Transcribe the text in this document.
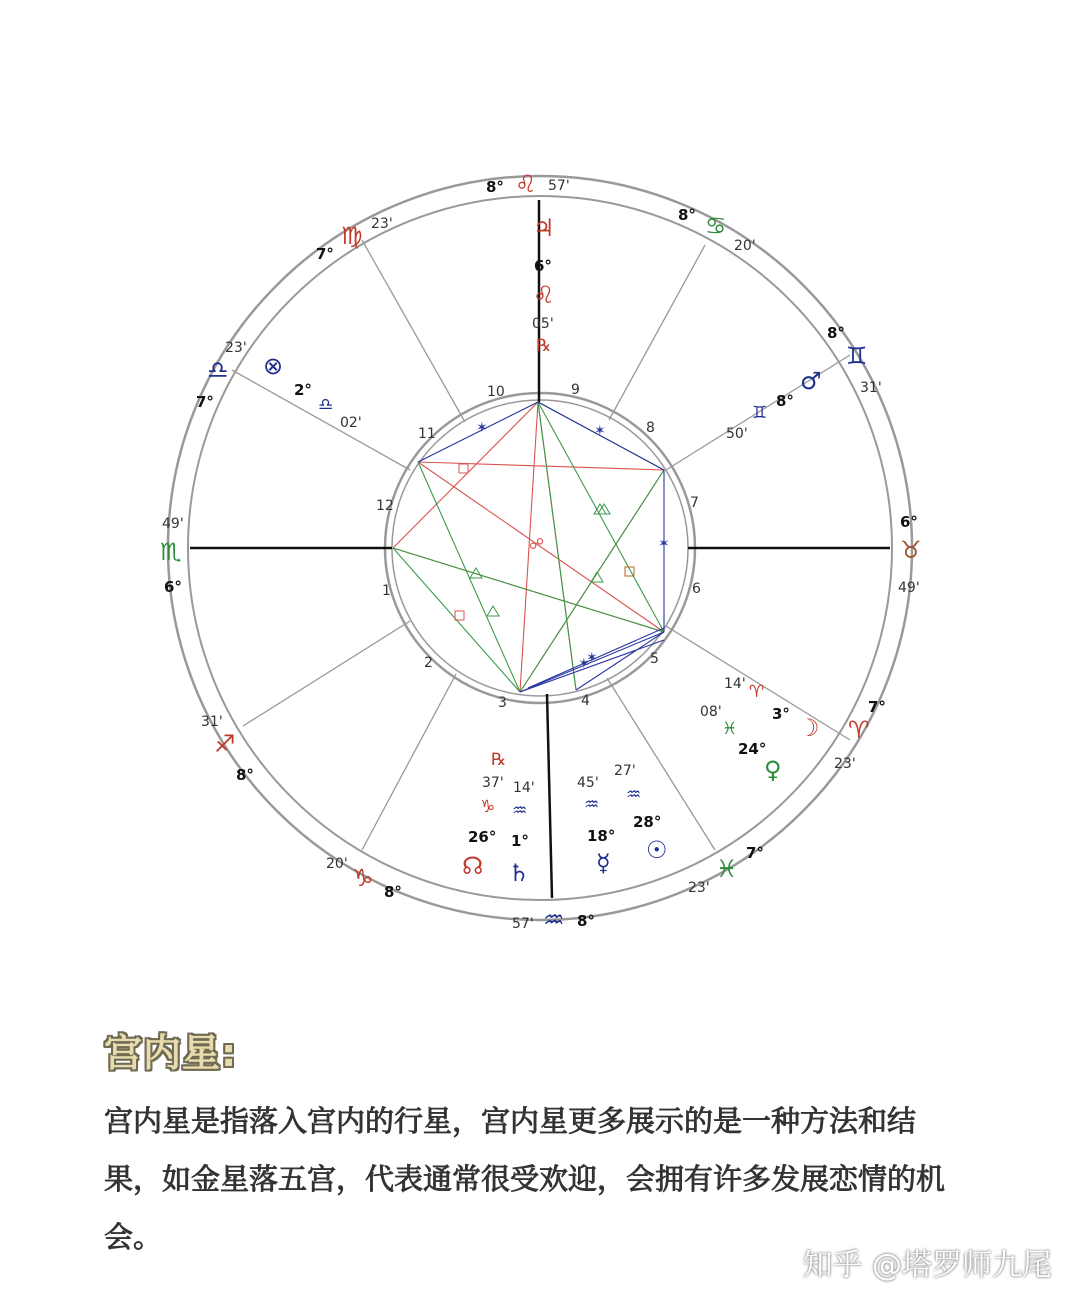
✶	✶
✶
✶
✶
☍
1
2
3	4
5
6
7
8
9
10
11
12
8° ♌ 57'
8° ♋
20'
8°
♊
31'
6°
♉
49'
7°
♈
23'
7°
♓
23'
57' ♒ 8°
20' ♑ 8°
31'
♐
8°
49'
♏
6°
23'
♎
7°
23'
♍
7°
♃
6°
♌
05'
℞
♂
8°
♊
50'
⊗
2°
♎
02'
14' ♈
3° ☽
08'
♓
24°
♀
27'
♒
28°
☉
45'
♒
18°
☿
14'
♒
1°
♄
℞
37'
♑
26°
☊
宫内星:
宫内星是指落入宫内的行星，宫内星更多展示的是一种方法和结果，如金星落五宫，代表通常很受欢迎，会拥有许多发展恋情的机会。
知乎 @塔罗师九尾
